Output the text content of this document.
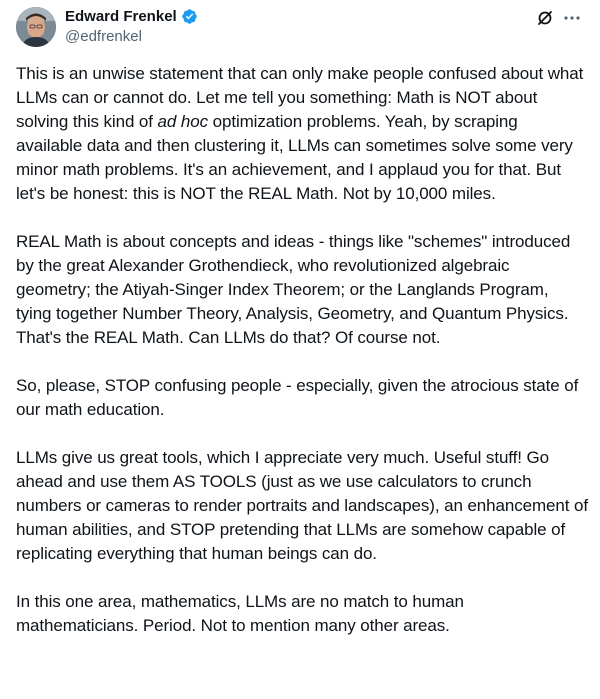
Edward Frenkel
@edfrenkel

This is an unwise statement that can only make people confused about what LLMs can or cannot do. Let me tell you something: Math is NOT about solving this kind of ad hoc optimization problems. Yeah, by scraping available data and then clustering it, LLMs can sometimes solve some very minor math problems. It's an achievement, and I applaud you for that. But let's be honest: this is NOT the REAL Math. Not by 10,000 miles.

REAL Math is about concepts and ideas - things like "schemes" introduced by the great Alexander Grothendieck, who revolutionized algebraic geometry; the Atiyah-Singer Index Theorem; or the Langlands Program, tying together Number Theory, Analysis, Geometry, and Quantum Physics. That's the REAL Math. Can LLMs do that? Of course not.

So, please, STOP confusing people - especially, given the atrocious state of our math education.

LLMs give us great tools, which I appreciate very much. Useful stuff! Go ahead and use them AS TOOLS (just as we use calculators to crunch numbers or cameras to render portraits and landscapes), an enhancement of human abilities, and STOP pretending that LLMs are somehow capable of replicating everything that human beings can do.

In this one area, mathematics, LLMs are no match to human mathematicians. Period. Not to mention many other areas.
